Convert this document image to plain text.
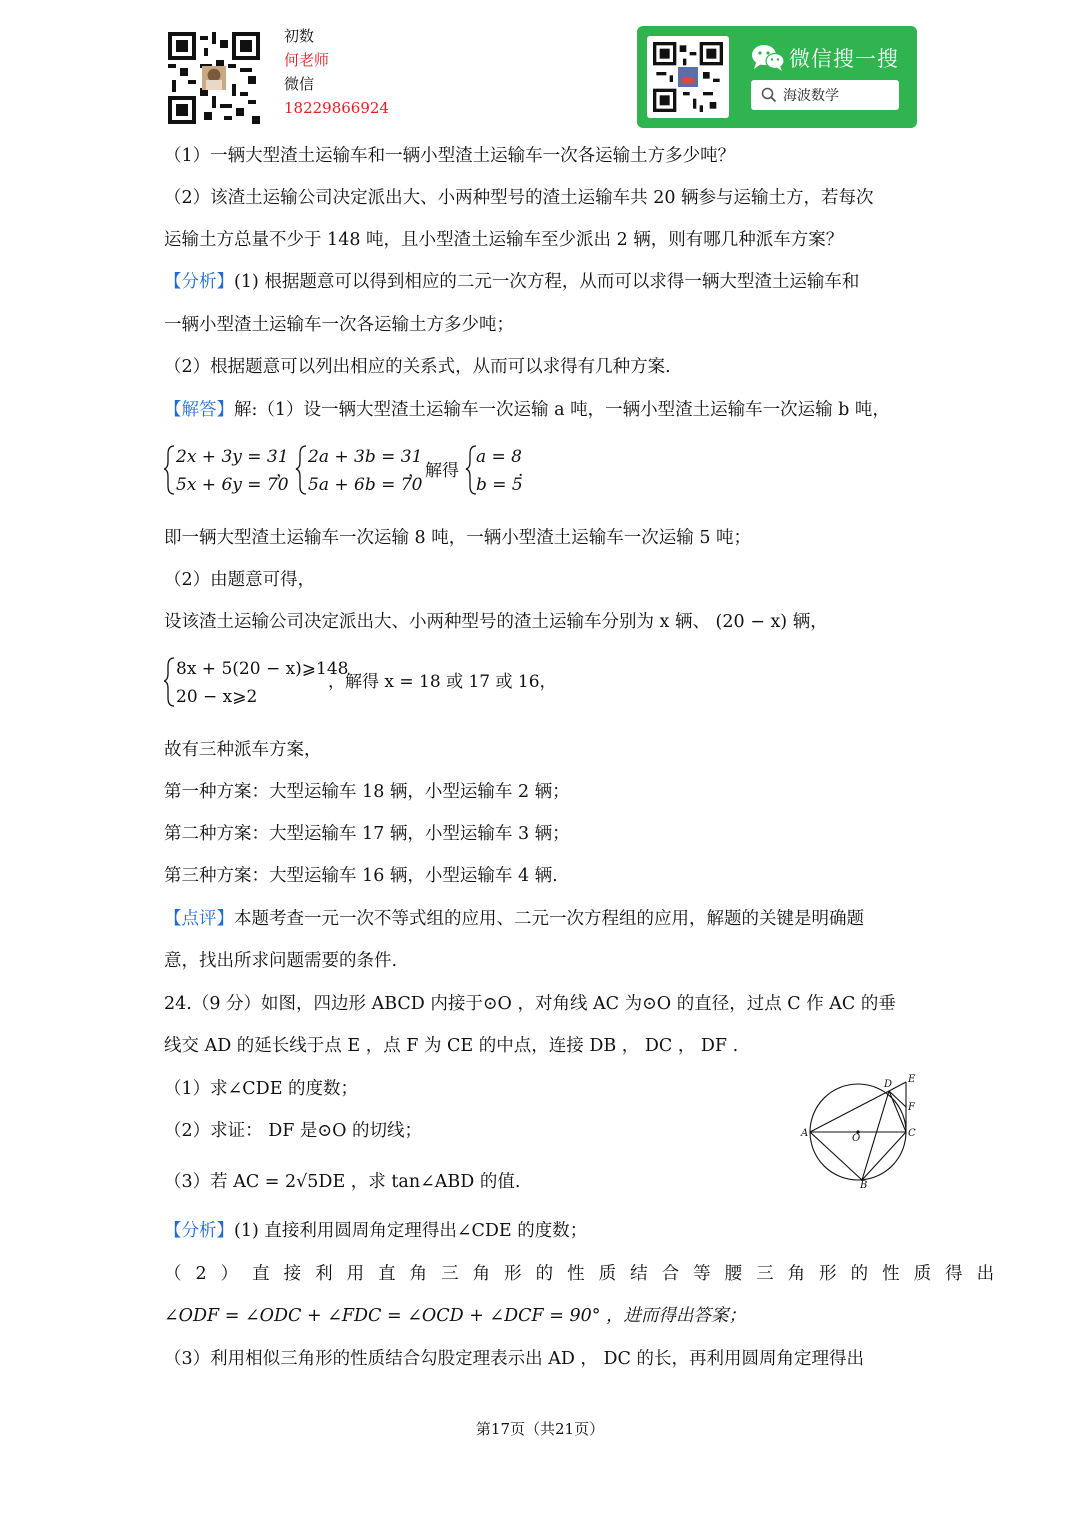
初数
何老师
微信
18229866924
微信搜一搜
海波数学
（1）一辆大型渣土运输车和一辆小型渣土运输车一次各运输土方多少吨？
（2）该渣土运输公司决定派出大、小两种型号的渣土运输车共 20 辆参与运输土方，若每次
运输土方总量不少于 148 吨，且小型渣土运输车至少派出 2 辆，则有哪几种派车方案？
【分析】(1) 根据题意可以得到相应的二元一次方程，从而可以求得一辆大型渣土运输车和
一辆小型渣土运输车一次各运输土方多少吨；
（2）根据题意可以列出相应的关系式，从而可以求得有几种方案.
【解答】解:（1）设一辆大型渣土运输车一次运输 a 吨，一辆小型渣土运输车一次运输 b 吨，
2x + 3y = 31
5x + 6y = 70
，
2a + 3b = 31
5a + 6b = 70
，解得
a = 8
b = 5
.
即一辆大型渣土运输车一次运输 8 吨，一辆小型渣土运输车一次运输 5 吨；
（2）由题意可得，
设该渣土运输公司决定派出大、小两种型号的渣土运输车分别为 x 辆、 (20 − x) 辆，
8x + 5(20 − x)⩾148
20 − x⩾2
，解得 x = 18 或 17 或 16，
故有三种派车方案，
第一种方案：大型运输车 18 辆，小型运输车 2 辆；
第二种方案：大型运输车 17 辆，小型运输车 3 辆；
第三种方案：大型运输车 16 辆，小型运输车 4 辆.
【点评】本题考查一元一次不等式组的应用、二元一次方程组的应用，解题的关键是明确题
意，找出所求问题需要的条件.
24.（9 分）如图，四边形 ABCD 内接于⊙O ，对角线 AC 为⊙O 的直径，过点 C 作 AC 的垂
线交 AD 的延长线于点 E ，点 F 为 CE 的中点，连接 DB ， DC ， DF .
（1）求∠CDE 的度数；
（2）求证： DF 是⊙O 的切线；
（3）若 AC = 2√5DE ，求 tan∠ABD 的值.
A
B
C
D E
F
O
【分析】(1) 直接利用圆周角定理得出∠CDE 的度数；
（2）直接利用直角三角形的性质结合等腰三角形的性质得出
∠ODF = ∠ODC + ∠FDC = ∠OCD + ∠DCF = 90° ，进而得出答案；
（3）利用相似三角形的性质结合勾股定理表示出 AD ， DC 的长，再利用圆周角定理得出
第17页（共21页）
